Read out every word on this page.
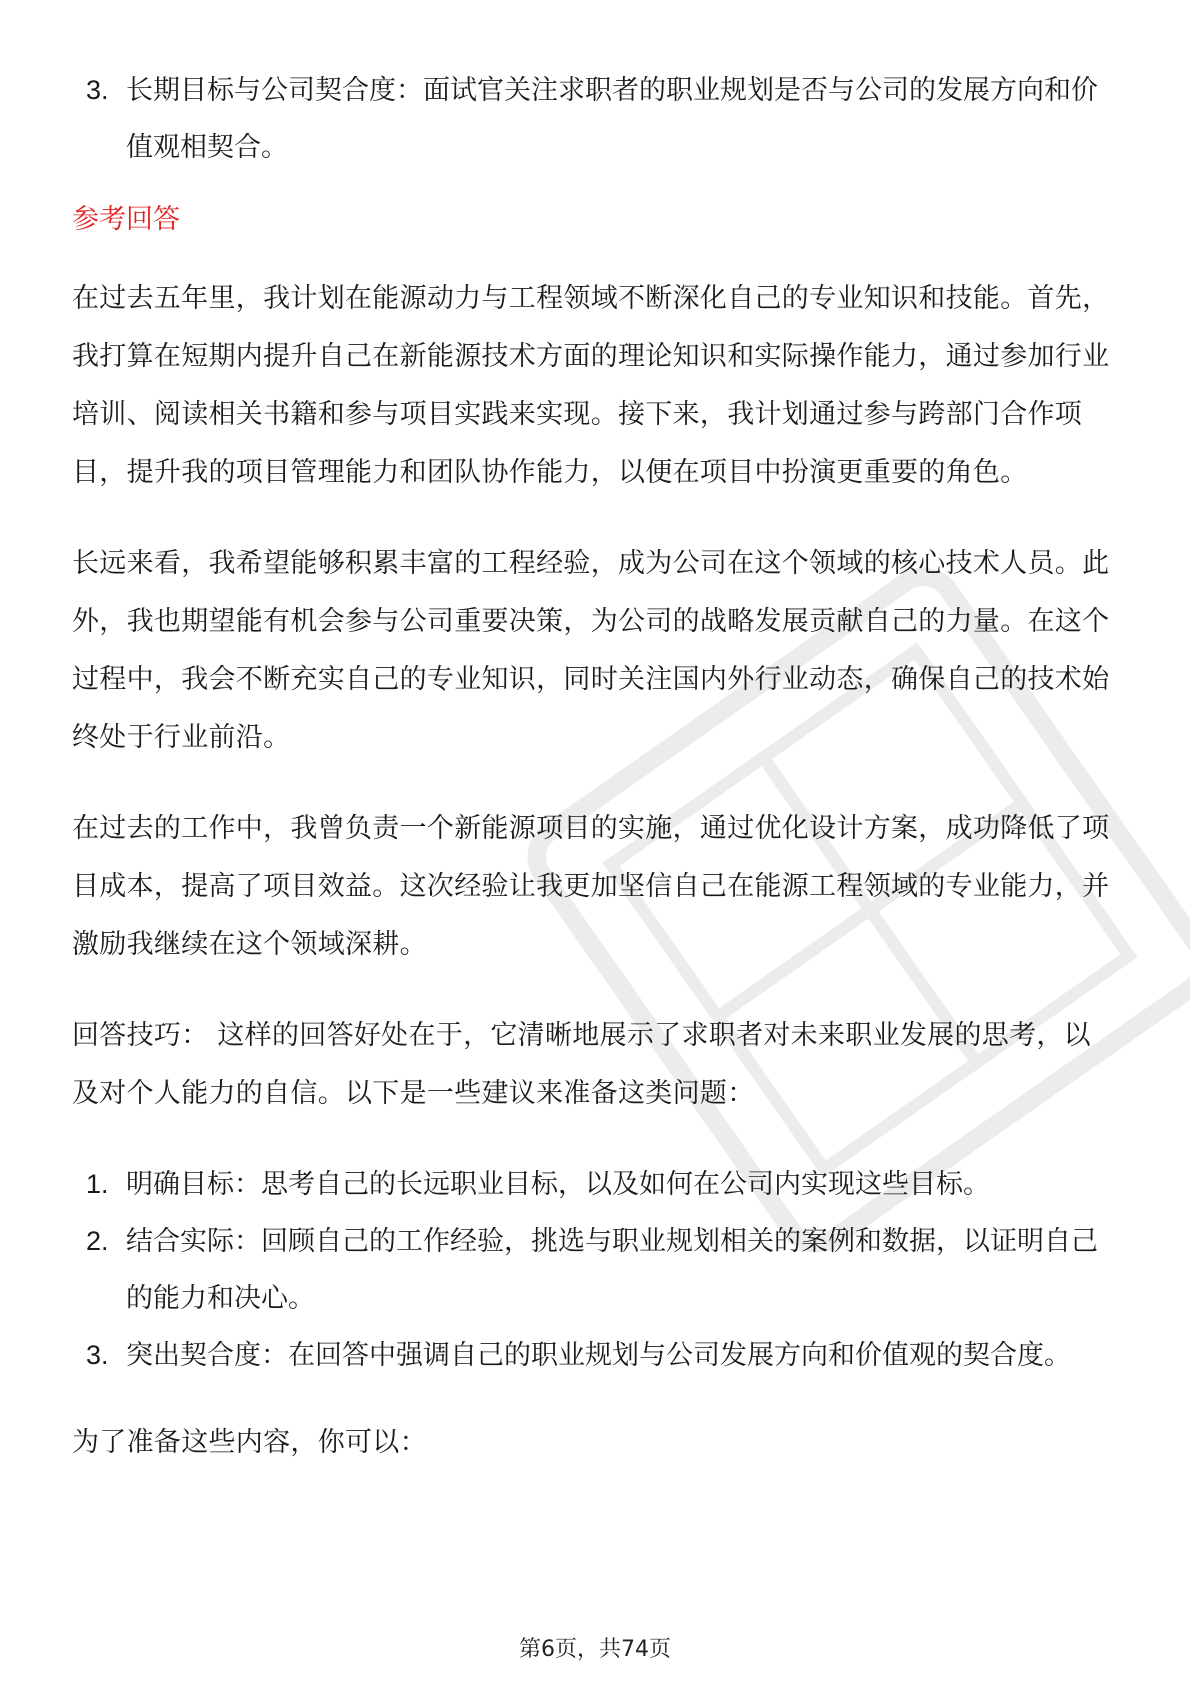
3. 长期目标与公司契合度：面试官关注求职者的职业规划是否与公司的发展方向和价值观相契合。
参考回答

在过去五年里，我计划在能源动力与工程领域不断深化自己的专业知识和技能。首先，我打算在短期内提升自己在新能源技术方面的理论知识和实际操作能力，通过参加行业培训、阅读相关书籍和参与项目实践来实现。接下来，我计划通过参与跨部门合作项目，提升我的项目管理能力和团队协作能力，以便在项目中扮演更重要的角色。

长远来看，我希望能够积累丰富的工程经验，成为公司在这个领域的核心技术人员。此外，我也期望能有机会参与公司重要决策，为公司的战略发展贡献自己的力量。在这个过程中，我会不断充实自己的专业知识，同时关注国内外行业动态，确保自己的技术始终处于行业前沿。

在过去的工作中，我曾负责一个新能源项目的实施，通过优化设计方案，成功降低了项目成本，提高了项目效益。这次经验让我更加坚信自己在能源工程领域的专业能力，并激励我继续在这个领域深耕。

回答技巧： 这样的回答好处在于，它清晰地展示了求职者对未来职业发展的思考，以及对个人能力的自信。以下是一些建议来准备这类问题：

1. 明确目标：思考自己的长远职业目标，以及如何在公司内实现这些目标。
2. 结合实际：回顾自己的工作经验，挑选与职业规划相关的案例和数据，以证明自己的能力和决心。
3. 突出契合度：在回答中强调自己的职业规划与公司发展方向和价值观的契合度。

为了准备这些内容，你可以：

第6页，共74页
